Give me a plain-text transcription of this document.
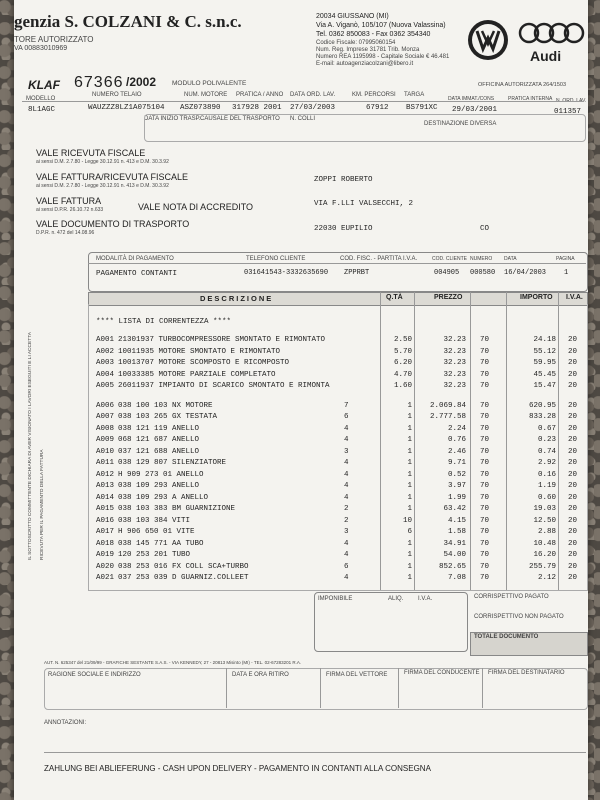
genzia S. COLZANI & C. s.n.c.
TORE AUTORIZZATO
VA 00883010969
20034 GIUSSANO (MI)
Via A. Viganò, 105/107 (Nuova Valassina)
Tel. 0362 850083 - Fax 0362 354340
Codice Fiscale: 07995060154
Num. Reg. Imprese 31781 Trib. Monza
Numero REA 1195998 - Capitale Sociale € 46.481
E-mail: autoagenziacolzani@libero.it	Audi
KLAF 67366 /2002 MODULO POLIVALENTE	OFFICINA AUTORIZZATA 264/1503
MODELLO
NUMERO TELAIO	NUM. MOTORE PRATICA / ANNO DATA ORD. LAV.	KM. PERCORSI TARGA
DATA IMMAT./CONS	PRATICA INTERNA N. ORD. LAV.
8L1AGC	WAUZZZ8LZ1A075104 ASZ073890 317928 2001 27/03/2003	67912 BS791XC 29/03/2001	011357
DATA INIZIO TRASP. CAUSALE DEL TRASPORTO N. COLLI
DESTINAZIONE DIVERSA
VALE RICEVUTA FISCALE
ai sensi D.M. 2.7.80 - Legge 30.12.91 n. 413 e D.M. 30.3.92
VALE FATTURA/RICEVUTA FISCALE
ai sensi D.M. 2.7.80 - Legge 30.12.91 n. 413 e D.M. 30.3.92
VALE FATTURA
ai sensi D.P.R. 26.10.72 n.633	VALE NOTA DI ACCREDITO
VALE DOCUMENTO DI TRASPORTO
D.P.R. n. 472 del 14.08.96
ZOPPI ROBERTO
VIA F.LLI VALSECCHI, 2
22030 EUPILIO	CO
MODALITÀ DI PAGAMENTO	TELEFONO CLIENTE	COD. FISC. - PARTITA I.V.A.	COD. CLIENTE NUMERO DATA	PAGINA
PAGAMENTO CONTANTI	031641543-3332635690 ZPPRBT	004905 000580 16/04/2003	1
DESCRIZIONE	Q.TÀ	PREZZO	IMPORTO I.V.A.
**** LISTA DI CORRENTEZZA ****
A001 21301937 TURBOCOMPRESSORE SMONTATO E RIMONTATO	2.50	32.23 70	24.18 20
A002 10011935 MOTORE SMONTATO E RIMONTATO	5.70	32.23 70	55.12 20
A003 10013707 MOTORE SCOMPOSTO E RICOMPOSTO	6.20	32.23 70	59.95 20
A004 10033385 MOTORE PARZIALE COMPLETATO	4.70	32.23 70	45.45 20
A005 26011937 IMPIANTO DI SCARICO SMONTATO E RIMONTA	1.60	32.23 70	15.47 20
A006 038 100 103 NX MOTORE	7	1 2.069.84 70	620.95 20
A007 038 103 265 GX TESTATA	6	1 2.777.58 70	833.28 20
A008 038 121 119 ANELLO	4	1	2.24 70	0.67 20
A009 068 121 687 ANELLO	4	1	0.76 70	0.23 20
A010 037 121 688 ANELLO	3	1	2.46 70	0.74 20
A011 038 129 807 SILENZIATORE	4	1	9.71 70	2.92 20
A012 H 909 273 01 ANELLO	4	1	0.52 70	0.16 20
A013 038 109 293 ANELLO	4	1	3.97 70	1.19 20
A014 038 109 293 A ANELLO	4	1	1.99 70	0.60 20
A015 038 103 383 BM GUARNIZIONE	2	1	63.42 70	19.03 20
A016 038 103 384 VITI	2	10	4.15 70	12.50 20
A017 H 906 650 01 VITE	3	6	1.58 70	2.88 20
A018 038 145 771 AA TUBO	4	1	34.91 70	10.48 20
A019 120 253 201 TUBO	4	1	54.00 70	16.20 20
A020 038 253 016 FX COLL SCA+TURBO	6	1	852.65 70	255.79 20
A021 037 253 039 D GUARNIZ.COLLEET	4	1	7.08 70	2.12 20
IL SOTTOSCRITTO COMMITTENTE DICHIARA DI AVER VISIONATO I LAVORI ESEGUITI E LI ACCETTA RICEVUTA PER IL PAGAMENTO DELLA FATTURA
IMPONIBILE	ALIQ. I.V.A.	CORRISPETTIVO PAGATO
CORRISPETTIVO NON PAGATO
TOTALE DOCUMENTO
AUT. N. 625347 del 21/09/99 - GRAFICHE SESTANTE S.A.S. - VIA KENNEDY, 27 - 20813 Misinto (MI) - TEL. 02-67283201 R.A.
RAGIONE SOCIALE E INDIRIZZO	DATA E ORA RITIRO	FIRMA DEL VETTORE	FIRMA DEL CONDUCENTE FIRMA DEL DESTINATARIO
ANNOTAZIONI:
ZAHLUNG BEI ABLIEFERUNG - CASH UPON DELIVERY - PAGAMENTO IN CONTANTI ALLA CONSEGNA
